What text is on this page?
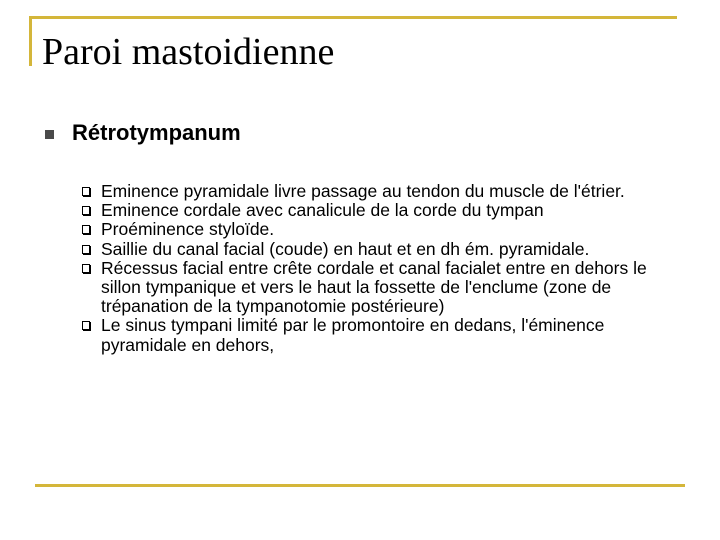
Paroi mastoidienne
Rétrotympanum
Eminence pyramidale livre passage au tendon du muscle de l'étrier.
Eminence cordale avec canalicule de la corde du tympan
Proéminence styloïde.
Saillie du canal facial (coude) en haut et en dh ém. pyramidale.
Récessus facial entre crête cordale et canal facialet entre en dehors le sillon tympanique et vers le haut la fossette de l'enclume (zone de trépanation de la tympanotomie postérieure)
Le sinus tympani limité par le promontoire en dedans, l'éminence pyramidale en dehors,
